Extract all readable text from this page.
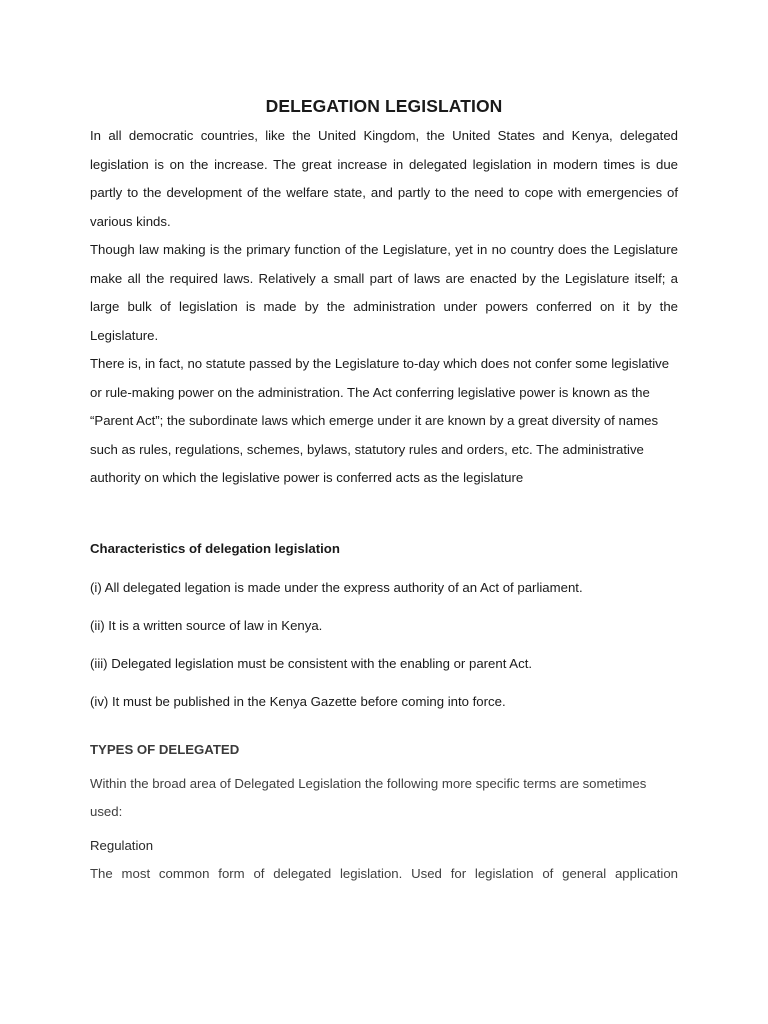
DELEGATION LEGISLATION

In all democratic countries, like the United Kingdom, the United States and Kenya, delegated legislation is on the increase. The great increase in delegated legislation in modern times is due partly to the development of the welfare state, and partly to the need to cope with emergencies of various kinds.

Though law making is the primary function of the Legislature, yet in no country does the Legislature make all the required laws. Relatively a small part of laws are enacted by the Legislature itself; a large bulk of legislation is made by the administration under powers conferred on it by the Legislature.

There is, in fact, no statute passed by the Legislature to-day which does not confer some legislative or rule-making power on the administration. The Act conferring legislative power is known as the “Parent Act”; the subordinate laws which emerge under it are known by a great diversity of names such as rules, regulations, schemes, bylaws, statutory rules and orders, etc. The administrative authority on which the legislative power is conferred acts as the legislature

Characteristics of delegation legislation

(i) All delegated legation is made under the express authority of an Act of parliament.

(ii) It is a written source of law in Kenya.

(iii) Delegated legislation must be consistent with the enabling or parent Act.

(iv) It must be published in the Kenya Gazette before coming into force.

TYPES OF DELEGATED

Within the broad area of Delegated Legislation the following more specific terms are sometimes used:

Regulation

The most common form of delegated legislation. Used for legislation of general application
